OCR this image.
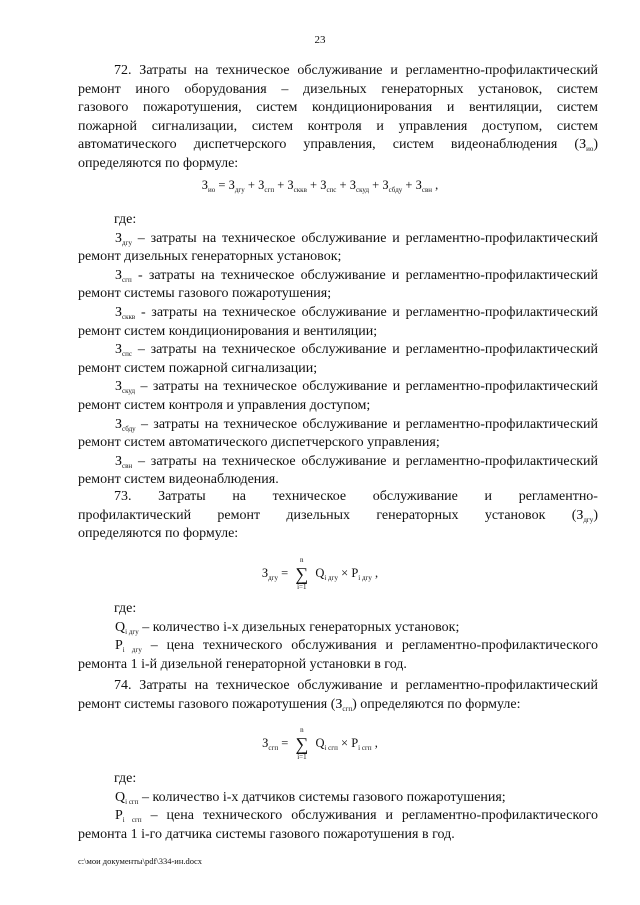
23
72. Затраты на техническое обслуживание и регламентно-профилактический
ремонт иного оборудования – дизельных генераторных установок, систем
газового пожаротушения, систем кондиционирования и вентиляции, систем
пожарной сигнализации, систем контроля и управления доступом, систем
автоматического диспетчерского управления, систем видеонаблюдения $(З_{ио})$
определяются по формуле:
$З_{ио} = З_{дгу} + З_{сгп} + З_{сккв} + З_{спс} + З_{скуд} + З_{сбду} + З_{свн}$ ,
где:
$З_{дгу}$ – затраты на техническое обслуживание и регламентно-профилактический
ремонт дизельных генераторных установок;
$З_{сгп}$ - затраты на техническое обслуживание и регламентно-профилактический
ремонт системы газового пожаротушения;
$З_{сккв}$ - затраты на техническое обслуживание и регламентно-профилактический
ремонт систем кондиционирования и вентиляции;
$З_{спс}$ – затраты на техническое обслуживание и регламентно-профилактический
ремонт систем пожарной сигнализации;
$З_{скуд}$ – затраты на техническое обслуживание и регламентно-профилактический
ремонт систем контроля и управления доступом;
$З_{сбду}$ – затраты на техническое обслуживание и регламентно-профилактический
ремонт систем автоматического диспетчерского управления;
$З_{свн}$ – затраты на техническое обслуживание и регламентно-профилактический
ремонт систем видеонаблюдения.
73. Затраты на техническое обслуживание и регламентно-
профилактический ремонт дизельных генераторных установок $(З_{дгу})$
определяются по формуле:
$З_{дгу} = n$
∑
i=1 $Q_{i дгу} \times P_{i дгу}$ ,
где:
$Q_{i дгу}$ – количество i-х дизельных генераторных установок;
$P_{i дгу}$ – цена технического обслуживания и регламентно-профилактического
ремонта 1 i-й дизельной генераторной установки в год.
74. Затраты на техническое обслуживание и регламентно-профилактический
ремонт системы газового пожаротушения $(З_{сгп})$ определяются по формуле:
$З_{сгп} = n$
∑
i=1 $Q_{i сгп} \times P_{i сгп}$ ,
где:
$Q_{i сгп}$ – количество i-х датчиков системы газового пожаротушения;
$P_{i сгп}$ – цена технического обслуживания и регламентно-профилактического
ремонта 1 i-го датчика системы газового пожаротушения в год.
c:\мои документы\pdf\334-ин.docx
